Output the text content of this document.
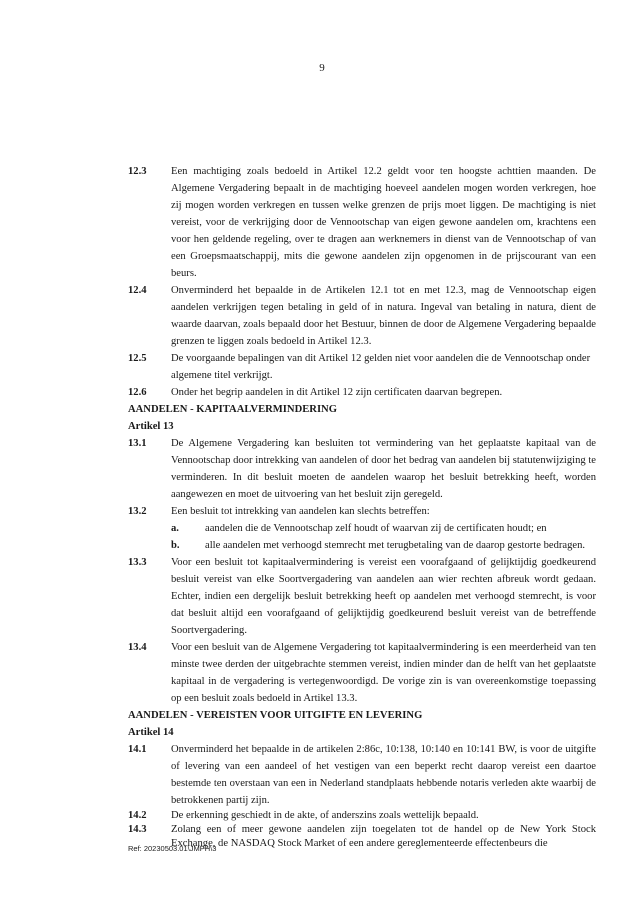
9
12.3	Een machtiging zoals bedoeld in Artikel 12.2 geldt voor ten hoogste achttien maanden. De Algemene Vergadering bepaalt in de machtiging hoeveel aandelen mogen worden verkregen, hoe zij mogen worden verkregen en tussen welke grenzen de prijs moet liggen. De machtiging is niet vereist, voor de verkrijging door de Vennootschap van eigen gewone aandelen om, krachtens een voor hen geldende regeling, over te dragen aan werknemers in dienst van de Vennootschap of van een Groepsmaatschappij, mits die gewone aandelen zijn opgenomen in de prijscourant van een beurs.
12.4	Onverminderd het bepaalde in de Artikelen 12.1 tot en met 12.3, mag de Vennootschap eigen aandelen verkrijgen tegen betaling in geld of in natura. Ingeval van betaling in natura, dient de waarde daarvan, zoals bepaald door het Bestuur, binnen de door de Algemene Vergadering bepaalde grenzen te liggen zoals bedoeld in Artikel 12.3.
12.5	De voorgaande bepalingen van dit Artikel 12 gelden niet voor aandelen die de Vennootschap onder algemene titel verkrijgt.
12.6	Onder het begrip aandelen in dit Artikel 12 zijn certificaten daarvan begrepen.
AANDELEN - KAPITAALVERMINDERING
Artikel 13
13.1	De Algemene Vergadering kan besluiten tot vermindering van het geplaatste kapitaal van de Vennootschap door intrekking van aandelen of door het bedrag van aandelen bij statutenwijziging te verminderen. In dit besluit moeten de aandelen waarop het besluit betrekking heeft, worden aangewezen en moet de uitvoering van het besluit zijn geregeld.
13.2	Een besluit tot intrekking van aandelen kan slechts betreffen:
a.	aandelen die de Vennootschap zelf houdt of waarvan zij de certificaten houdt; en
b.	alle aandelen met verhoogd stemrecht met terugbetaling van de daarop gestorte bedragen.
13.3	Voor een besluit tot kapitaalvermindering is vereist een voorafgaand of gelijktijdig goedkeurend besluit vereist van elke Soortvergadering van aandelen aan wier rechten afbreuk wordt gedaan. Echter, indien een dergelijk besluit betrekking heeft op aandelen met verhoogd stemrecht, is voor dat besluit altijd een voorafgaand of gelijktijdig goedkeurend besluit vereist van de betreffende Soortvergadering.
13.4	Voor een besluit van de Algemene Vergadering tot kapitaalvermindering is een meerderheid van ten minste twee derden der uitgebrachte stemmen vereist, indien minder dan de helft van het geplaatste kapitaal in de vergadering is vertegenwoordigd. De vorige zin is van overeenkomstige toepassing op een besluit zoals bedoeld in Artikel 13.3.
AANDELEN - VEREISTEN VOOR UITGIFTE EN LEVERING
Artikel 14
14.1	Onverminderd het bepaalde in de artikelen 2:86c, 10:138, 10:140 en 10:141 BW, is voor de uitgifte of levering van een aandeel of het vestigen van een beperkt recht daarop vereist een daartoe bestemde ten overstaan van een in Nederland standplaats hebbende notaris verleden akte waarbij de betrokkenen partij zijn.
14.2	De erkenning geschiedt in de akte, of anderszins zoals wettelijk bepaald.
14.3	Zolang een of meer gewone aandelen zijn toegelaten tot de handel op de New York Stock Exchange, de NASDAQ Stock Market of een andere gereglementeerde effectenbeurs die
Ref: 20230503.01\JMPH\3
